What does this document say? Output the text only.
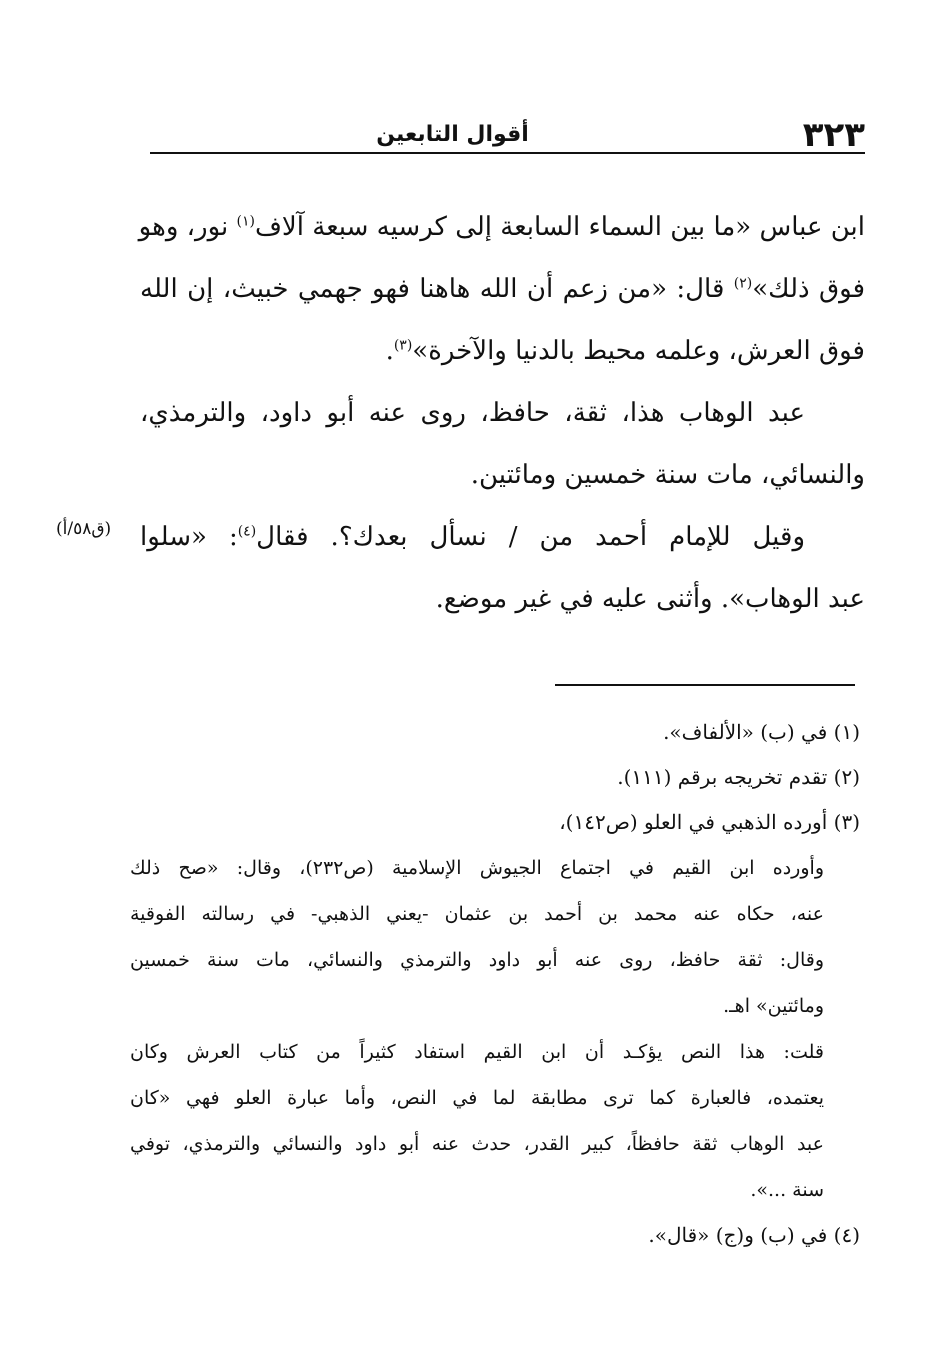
٣٢٣
أقوال التابعين
ابن عباس «ما بين السماء السابعة إلى كرسيه سبعة آلاف$^{(١)}$ نور، وهو
فوق ذلك»$^{(٢)}$ قال: «من زعم أن الله هاهنا فهو جهمي خبيث، إن الله
فوق العرش، وعلمه محيط بالدنيا والآخرة»$^{(٣)}$.
عبد الوهاب هذا، ثقة، حافظ، روى عنه أبو داود، والترمذي،
والنسائي، مات سنة خمسين ومائتين.
وقيل للإمام أحمد من / نسأل بعدك؟. فقال$^{(٤)}$: «سلوا
عبد الوهاب». وأثنى عليه في غير موضع.
(ق٥٨/أ)
(١) في (ب) «الألفاف».
(٢) تقدم تخريجه برقم (١١١).
(٣) أورده الذهبي في العلو (ص١٤٢)،
وأورده ابن القيم في اجتماع الجيوش الإسلامية (ص٢٣٢)، وقال: «صح ذلك
عنه، حكاه عنه محمد بن أحمد بن عثمان -يعني الذهبي- في رسالته الفوقية
وقال: ثقة حافظ، روى عنه أبو داود والترمذي والنسائي، مات سنة خمسين
ومائتين» اهـ.
قلت: هذا النص يؤكـد أن ابن القيم استفاد كثيراً من كتاب العرش وكان
يعتمده، فالعبارة كما ترى مطابقة لما في النص، وأما عبارة العلو فهي «كان
عبد الوهاب ثقة حافظاً، كبير القدر، حدث عنه أبو داود والنسائي والترمذي، توفي
سنة ...».
(٤) في (ب) و(ج) «قال».
